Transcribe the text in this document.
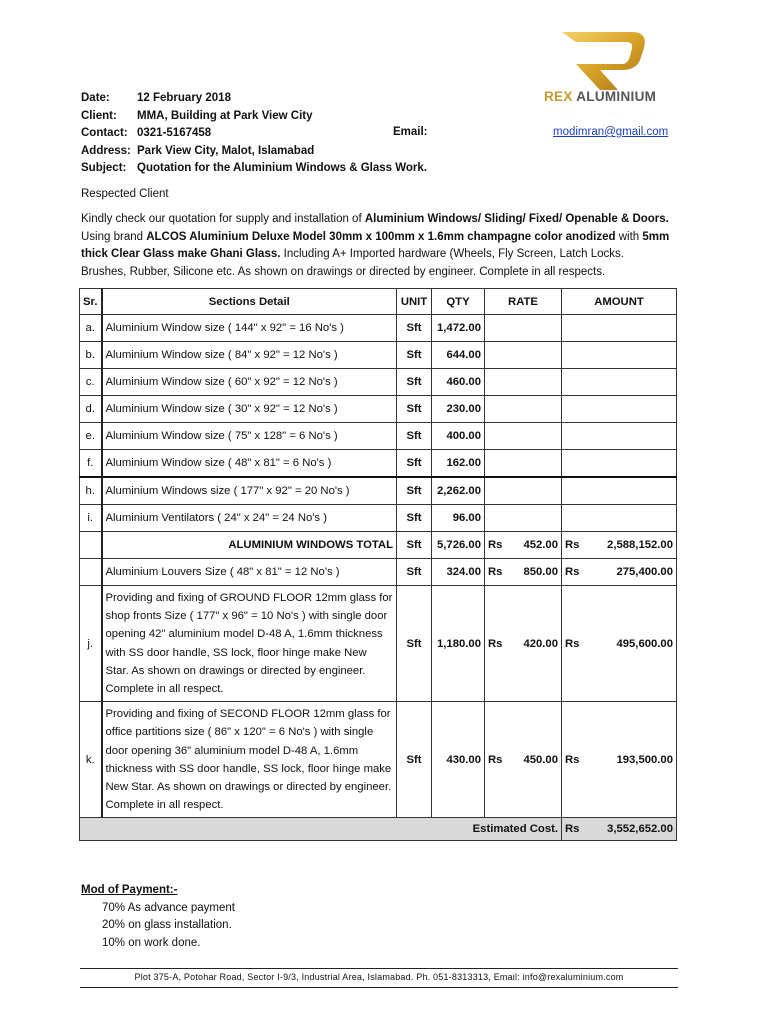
REX ALUMINIUM
Date:	12 February 2018
Client:	MMA, Building at Park View City
Contact: 0321-5167458
Address: Park View City, Malot, Islamabad
Subject: Quotation for the Aluminium Windows & Glass Work.
Email:	modimran@gmail.com
Respected Client
Kindly check our quotation for supply and installation of Aluminium Windows/ Sliding/ Fixed/ Openable & Doors. Using brand ALCOS Aluminium Deluxe Model 30mm x 100mm x 1.6mm champagne color anodized with 5mm thick Clear Glass make Ghani Glass. Including A+ Imported hardware (Wheels, Fly Screen, Latch Locks. Brushes, Rubber, Silicone etc. As shown on drawings or directed by engineer. Complete in all respects.
Sr.	Sections Detail	UNIT	QTY	RATE	AMOUNT
a.	Aluminium Window size ( 144" x 92" = 16 No's )	Sft	1,472.00		
b.	Aluminium Window size ( 84" x 92" = 12 No's )	Sft	644.00		
c.	Aluminium Window size ( 60" x 92" = 12 No's )	Sft	460.00		
d.	Aluminium Window size ( 30" x 92" = 12 No's )	Sft	230.00		
e.	Aluminium Window size ( 75" x 128" = 6 No's )	Sft	400.00		
f.	Aluminium Window size ( 48" x 81" = 6 No's )	Sft	162.00		
h.	Aluminium Windows size ( 177" x 92" = 20 No's )	Sft	2,262.00		
i.	Aluminium Ventilators ( 24" x 24" = 24 No's )	Sft	96.00		
	ALUMINIUM WINDOWS TOTAL	Sft	5,726.00	Rs 452.00	Rs 2,588,152.00

	Aluminium Louvers Size ( 48" x 81" = 12 No's )	Sft	324.00	Rs 850.00	Rs 275,400.00

j.	Providing and fixing of GROUND FLOOR 12mm glass for shop fronts Size ( 177" x 96" = 10 No's ) with single door opening 42" aluminium model D-48 A, 1.6mm thickness with SS door handle, SS lock, floor hinge make New Star. As shown on drawings or directed by engineer. Complete in all respect.	Sft	1,180.00	Rs 420.00	Rs 495,600.00

k.	Providing and fixing of SECOND FLOOR 12mm glass for office partitions size ( 86" x 120" = 6 No's ) with single door opening 36" aluminium model D-48 A, 1.6mm thickness with SS door handle, SS lock, floor hinge make New Star. As shown on drawings or directed by engineer. Complete in all respect.	Sft	430.00	Rs 450.00	Rs 193,500.00

Estimated Cost.					Rs 3,552,652.00
Mod of Payment:-
70% As advance payment
20% on glass installation.
10% on work done.
Plot 375-A, Potohar Road, Sector I-9/3, Industrial Area, Islamabad. Ph. 051-8313313, Email: info@rexaluminium.com
